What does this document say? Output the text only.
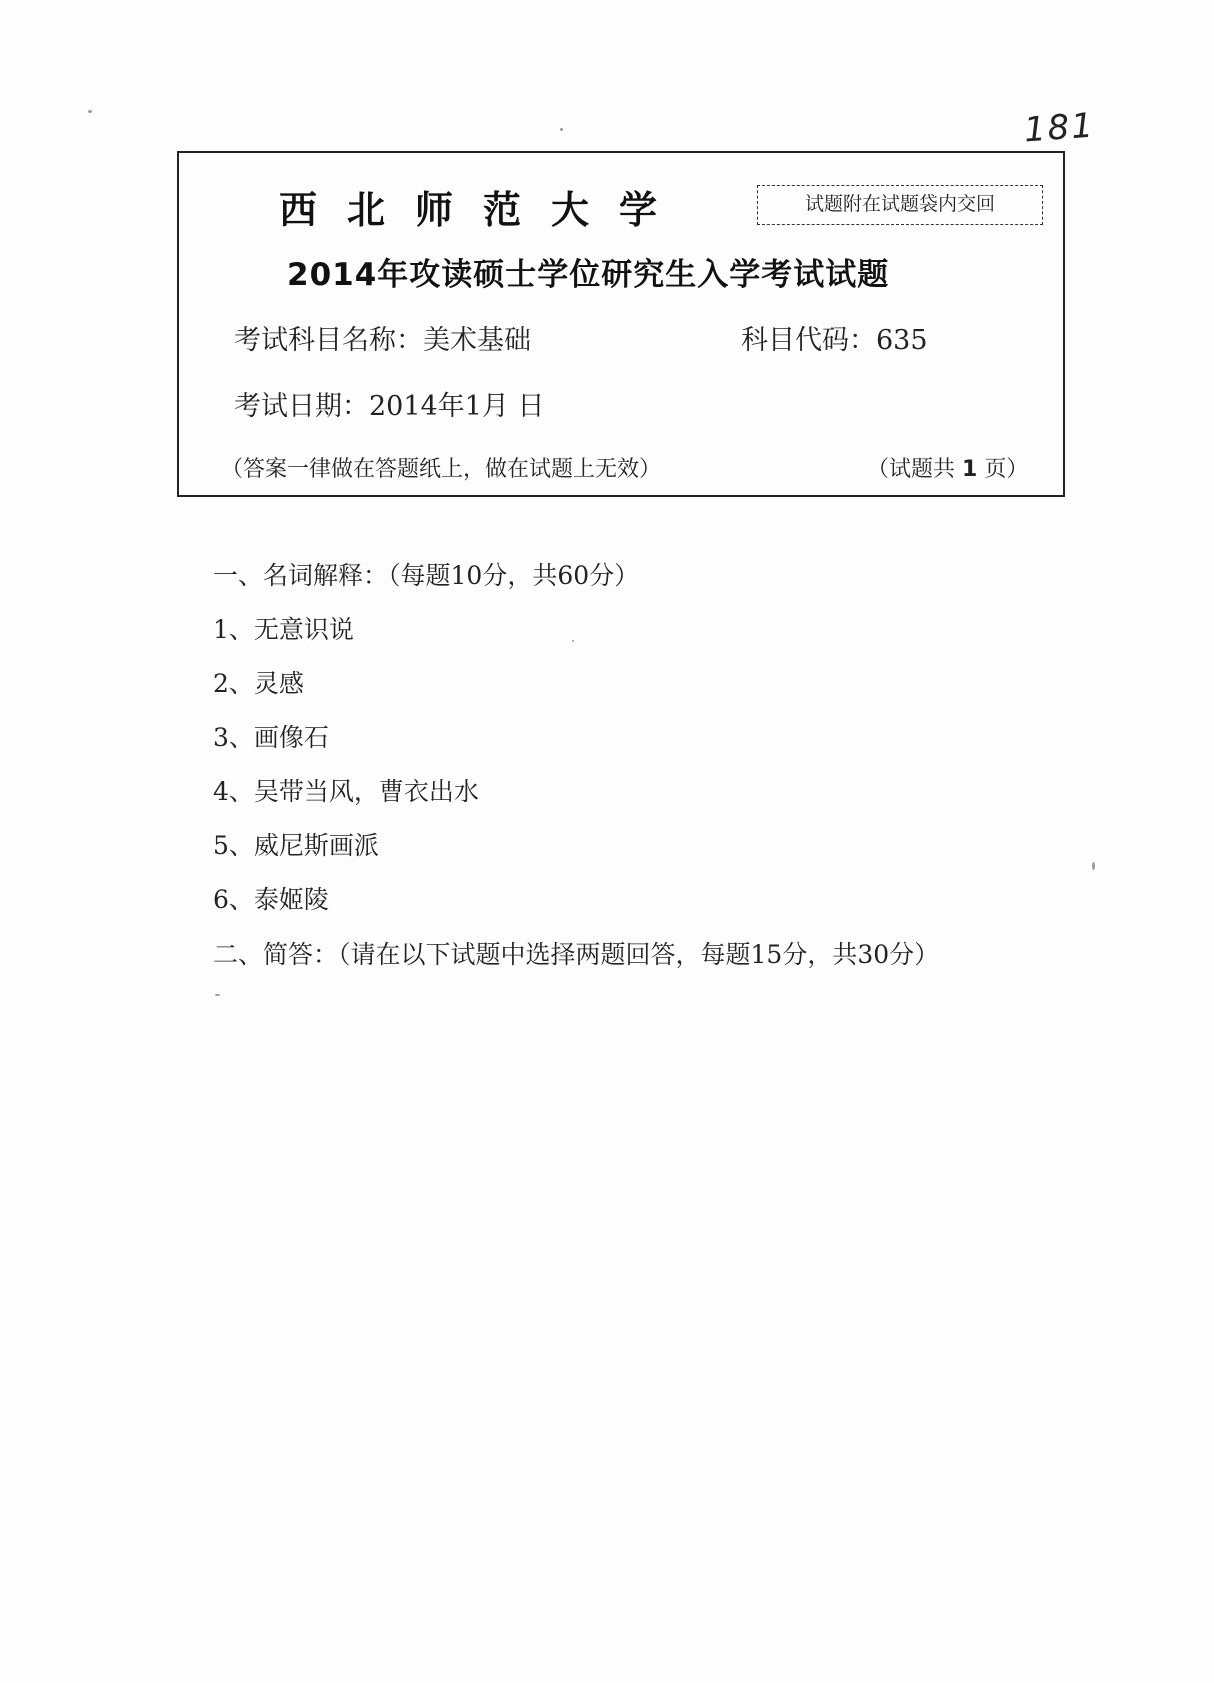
181
西北师范大学	试题附在试题袋内交回
2014年攻读硕士学位研究生入学考试试题
考试科目名称：美术基础	科目代码：635
考试日期：2014年1月 日
（答案一律做在答题纸上，做在试题上无效）	（试题共 1 页）
一、名词解释：（每题10分，共60分）
1、无意识说
2、灵感
3、画像石
4、吴带当风，曹衣出水
5、威尼斯画派
6、泰姬陵
二、简答：（请在以下试题中选择两题回答，每题15分，共30分）
